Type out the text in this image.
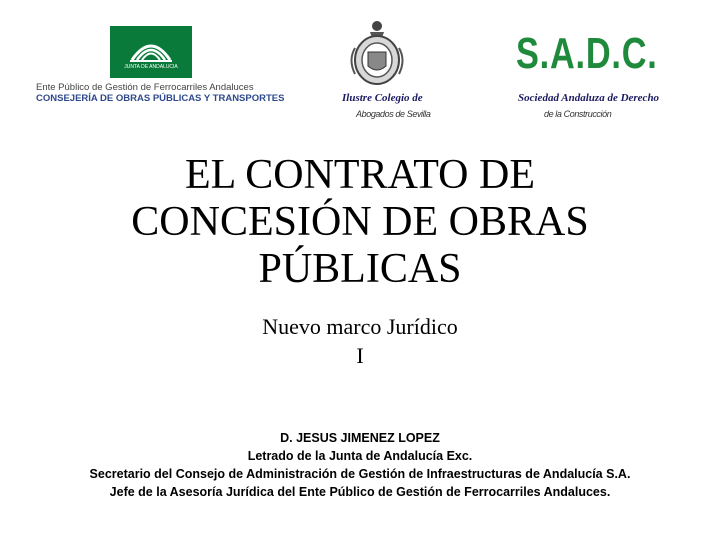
JUNTA DE ANDALUCIA
Ente Público de Gestión de Ferrocarriles Andaluces
CONSEJERÍA DE OBRAS PÚBLICAS Y TRANSPORTES	Ilustre Colegio de
Abogados de Sevilla
S.A.D.C.
Sociedad Andaluza de Derecho
de la Construcción
EL CONTRATO DE
CONCESIÓN DE OBRAS
PÚBLICAS
Nuevo marco Jurídico
I
D. JESUS JIMENEZ LOPEZ
Letrado de la Junta de Andalucía Exc.
Secretario del Consejo de Administración de Gestión de Infraestructuras de Andalucía S.A.
Jefe de la Asesoría Jurídica del Ente Público de Gestión de Ferrocarriles Andaluces.
